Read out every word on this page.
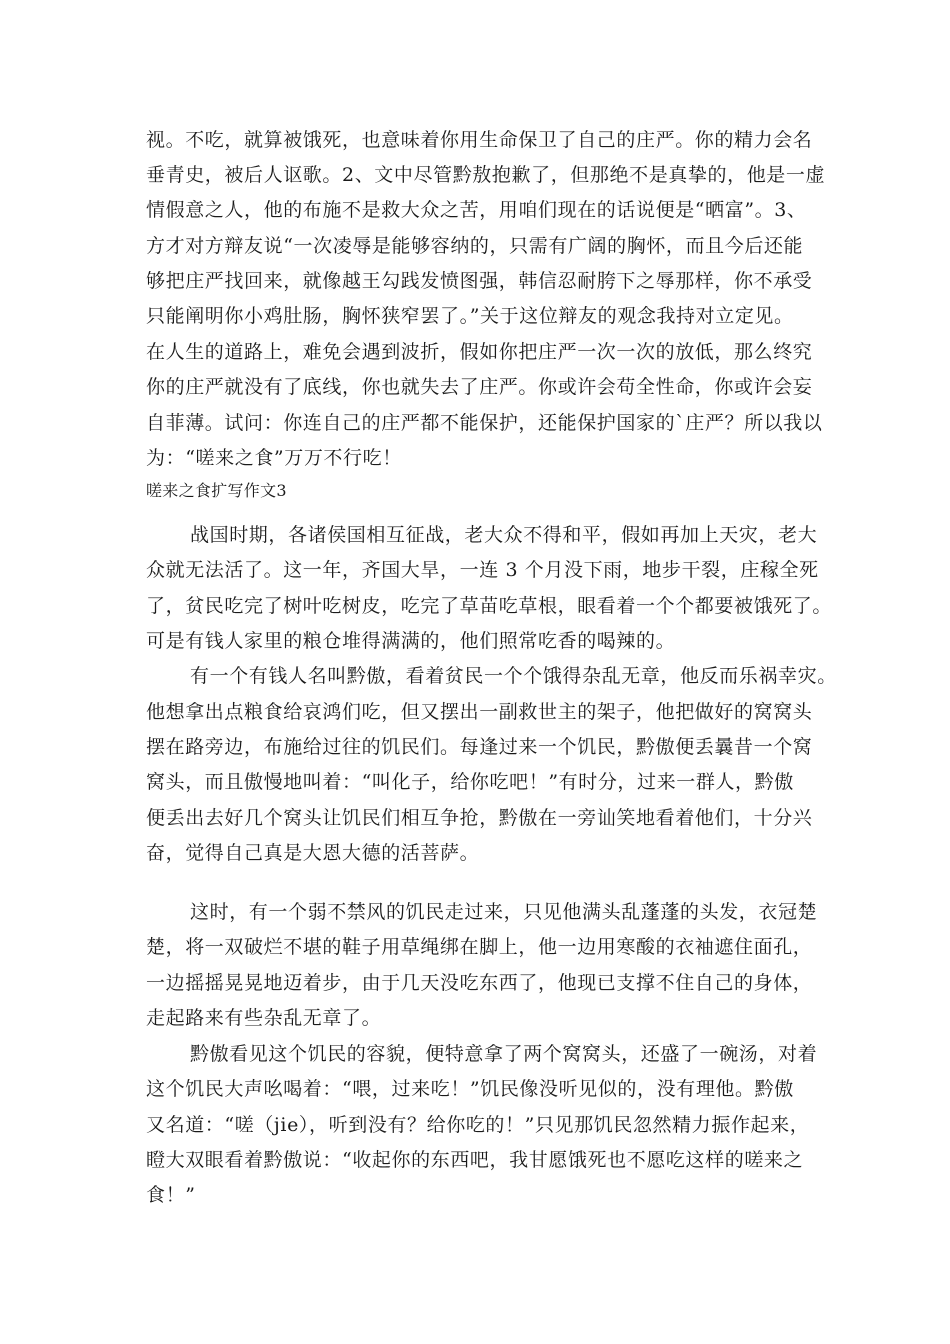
视。不吃，就算被饿死，也意味着你用生命保卫了自己的庄严。你的精力会名
垂青史，被后人讴歌。2、文中尽管黔敖抱歉了，但那绝不是真挚的，他是一虚
情假意之人，他的布施不是救大众之苦，用咱们现在的话说便是“晒富”。3、
方才对方辩友说“一次凌辱是能够容纳的，只需有广阔的胸怀，而且今后还能
够把庄严找回来，就像越王勾践发愤图强，韩信忍耐胯下之辱那样，你不承受
只能阐明你小鸡肚肠，胸怀狭窄罢了。”关于这位辩友的观念我持对立定见。
在人生的道路上，难免会遇到波折，假如你把庄严一次一次的放低，那么终究
你的庄严就没有了底线，你也就失去了庄严。你或许会苟全性命，你或许会妄
自菲薄。试问：你连自己的庄严都不能保护，还能保护国家的`庄严？所以我以
为：“嗟来之食”万万不行吃！
嗟来之食扩写作文3
战国时期，各诸侯国相互征战，老大众不得和平，假如再加上天灾，老大
众就无法活了。这一年，齐国大旱，一连 3 个月没下雨，地步干裂，庄稼全死
了，贫民吃完了树叶吃树皮，吃完了草苗吃草根，眼看着一个个都要被饿死了。
可是有钱人家里的粮仓堆得满满的，他们照常吃香的喝辣的。
有一个有钱人名叫黔傲，看着贫民一个个饿得杂乱无章，他反而乐祸幸灾。
他想拿出点粮食给哀鸿们吃，但又摆出一副救世主的架子，他把做好的窝窝头
摆在路旁边，布施给过往的饥民们。每逢过来一个饥民，黔傲便丢曩昔一个窝
窝头，而且傲慢地叫着：“叫化子，给你吃吧！”有时分，过来一群人，黔傲
便丢出去好几个窝头让饥民们相互争抢，黔傲在一旁讪笑地看着他们，十分兴
奋，觉得自己真是大恩大德的活菩萨。
这时，有一个弱不禁风的饥民走过来，只见他满头乱蓬蓬的头发，衣冠楚
楚，将一双破烂不堪的鞋子用草绳绑在脚上，他一边用寒酸的衣袖遮住面孔，
一边摇摇晃晃地迈着步，由于几天没吃东西了，他现已支撑不住自己的身体，
走起路来有些杂乱无章了。
黔傲看见这个饥民的容貌，便特意拿了两个窝窝头，还盛了一碗汤，对着
这个饥民大声吆喝着：“喂，过来吃！”饥民像没听见似的，没有理他。黔傲
又名道：“嗟（jie），听到没有？给你吃的！”只见那饥民忽然精力振作起来，
瞪大双眼看着黔傲说：“收起你的东西吧，我甘愿饿死也不愿吃这样的嗟来之
食！”
